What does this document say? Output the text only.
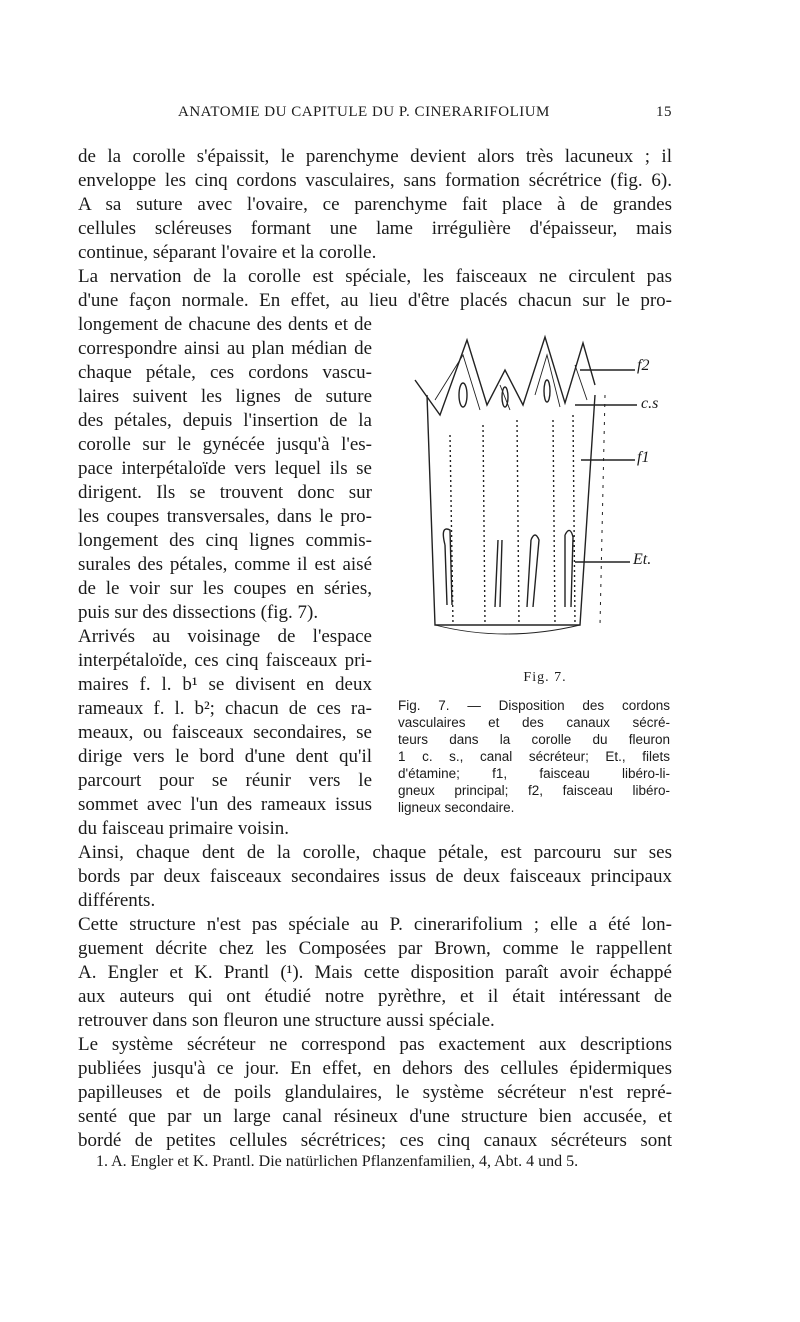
ANATOMIE DU CAPITULE DU P. CINERARIFOLIUM	15
de la corolle s'épaissit, le parenchyme devient alors très lacuneux ; il
enveloppe les cinq cordons vasculaires, sans formation sécrétrice (fig. 6).
A sa suture avec l'ovaire, ce parenchyme fait place à de grandes
cellules scléreuses formant une lame irrégulière d'épaisseur, mais
continue, séparant l'ovaire et la corolle.
La nervation de la corolle est spéciale, les faisceaux ne circulent pas
d'une façon normale. En effet, au lieu d'être placés chacun sur le pro-
longement de chacune des dents et de
correspondre ainsi au plan médian de
chaque pétale, ces cordons vascu-
laires suivent les lignes de suture
des pétales, depuis l'insertion de la
corolle sur le gynécée jusqu'à l'es-
pace interpétaloïde vers lequel ils se
dirigent. Ils se trouvent donc sur
les coupes transversales, dans le pro-
longement des cinq lignes commis-
surales des pétales, comme il est aisé
de le voir sur les coupes en séries,
puis sur des dissections (fig. 7).
Arrivés au voisinage de l'espace
interpétaloïde, ces cinq faisceaux pri-
maires f. l. b¹ se divisent en deux
rameaux f. l. b²; chacun de ces ra-
meaux, ou faisceaux secondaires, se
dirige vers le bord d'une dent qu'il
parcourt pour se réunir vers le
sommet avec l'un des rameaux issus
du faisceau primaire voisin.
Ainsi, chaque dent de la corolle, chaque pétale, est parcouru sur ses
bords par deux faisceaux secondaires issus de deux faisceaux principaux
différents.
Cette structure n'est pas spéciale au P. cinerarifolium ; elle a été lon-
guement décrite chez les Composées par Brown, comme le rappellent
A. Engler et K. Prantl (¹). Mais cette disposition paraît avoir échappé
aux auteurs qui ont étudié notre pyrèthre, et il était intéressant de
retrouver dans son fleuron une structure aussi spéciale.
Le système sécréteur ne correspond pas exactement aux descriptions
publiées jusqu'à ce jour. En effet, en dehors des cellules épidermiques
papilleuses et de poils glandulaires, le système sécréteur n'est repré-
senté que par un large canal résineux d'une structure bien accusée, et
bordé de petites cellules sécrétrices; ces cinq canaux sécréteurs sont
f2
c.s
f1
Et.
Fig. 7.
Fig. 7. — Disposition des cordons
vasculaires et des canaux sécré-
teurs dans la corolle du fleuron
1 c. s., canal sécréteur; Et., filets
d'étamine; f1, faisceau libéro-li-
gneux principal; f2, faisceau libéro-
ligneux secondaire.
1. A. Engler et K. Prantl. Die natürlichen Pflanzenfamilien, 4, Abt. 4 und 5.
